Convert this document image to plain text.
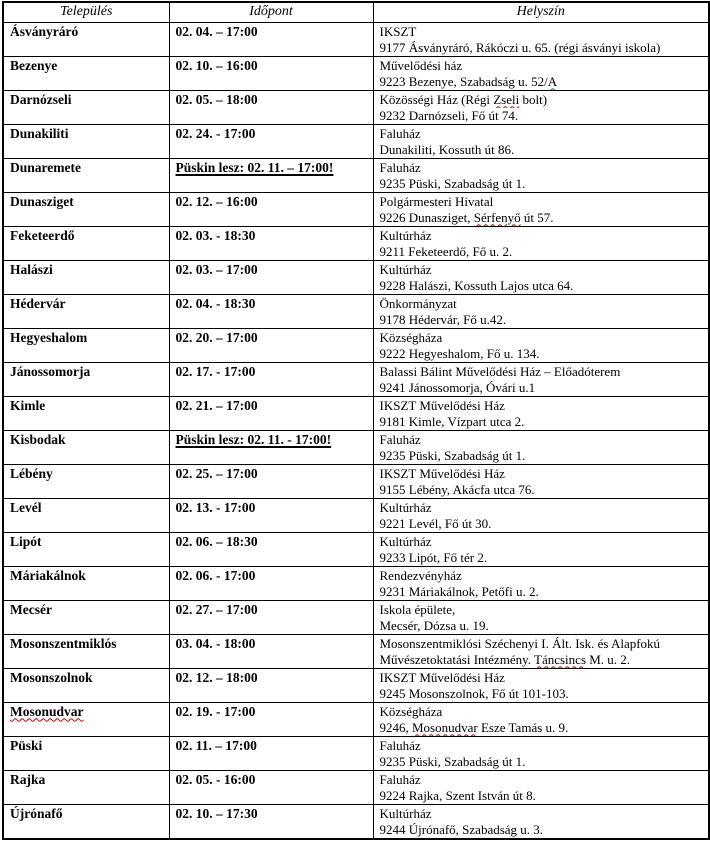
Település	Időpont	Helyszín
Ásványráró	02. 04. – 17:00	IKSZT
9177 Ásványráró, Rákóczi u. 65. (régi ásványi iskola)

Bezenye	02. 10. – 16:00	Művelődési ház
9223 Bezenye, Szabadság u. 52/A

Darnózseli	02. 05. – 18:00	Közösségi Ház (Régi Zseli bolt)
9232 Darnózseli, Fő út 74.

Dunakiliti	02. 24. - 17:00	Faluház
Dunakiliti, Kossuth út 86.

Dunaremete	Püskin lesz: 02. 11. – 17:00!	Faluház
9235 Püski, Szabadság út 1.

Dunasziget	02. 12. – 16:00	Polgármesteri Hivatal
9226 Dunasziget, Sérfenyő út 57.

Feketeerdő	02. 03. - 18:30	Kultúrház
9211 Feketeerdő, Fő u. 2.

Halászi	02. 03. – 17:00	Kultúrház
9228 Halászi, Kossuth Lajos utca 64.

Hédervár	02. 04. - 18:30	Önkormányzat
9178 Hédervár, Fő u.42.

Hegyeshalom	02. 20. – 17:00	Községháza
9222 Hegyeshalom, Fő u. 134.

Jánossomorja	02. 17. - 17:00	Balassi Bálint Művelődési Ház – Előadóterem
9241 Jánossomorja, Óvári u.1

Kimle	02. 21. – 17:00	IKSZT Művelődési Ház
9181 Kimle, Vízpart utca 2.

Kisbodak	Püskin lesz: 02. 11. - 17:00!	Faluház
9235 Püski, Szabadság út 1.

Lébény	02. 25. – 17:00	IKSZT Művelődési Ház
9155 Lébény, Akácfa utca 76.

Levél	02. 13. - 17:00	Kultúrház
9221 Levél, Fő út 30.

Lipót	02. 06. – 18:30	Kultúrház
9233 Lipót, Fő tér 2.

Máriakálnok	02. 06. - 17:00	Rendezvényház
9231 Máriakálnok, Petőfi u. 2.

Mecsér	02. 27. – 17:00	Iskola épülete,
Mecsér, Dózsa u. 19.

Mosonszentmiklós	03. 04. - 18:00	Mosonszentmiklósi Széchenyi I. Ált. Isk. és Alapfokú
Művészetoktatási Intézmény. Táncsincs M. u. 2.

Mosonszolnok	02. 12. – 18:00	IKSZT Művelődési Ház
9245 Mosonszolnok, Fő út 101-103.

Mosonudvar	02. 19. - 17:00	Községháza
9246, Mosonudvar Esze Tamás u. 9.

Püski	02. 11. – 17:00	Faluház
9235 Püski, Szabadság út 1.

Rajka	02. 05. - 16:00	Faluház
9224 Rajka, Szent István út 8.

Újrónafő	02. 10. – 17:30	Kultúrház
9244 Újrónafő, Szabadság u. 3.
